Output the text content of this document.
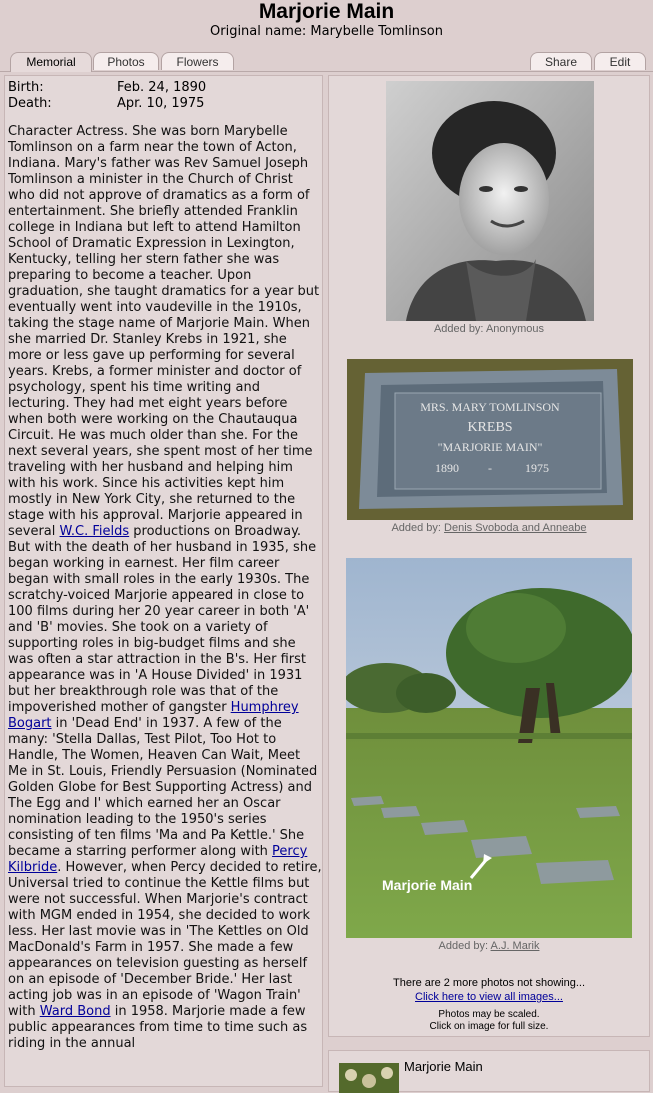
Marjorie Main
Original name: Marybelle Tomlinson
Memorial	Photos	Flowers	Share	Edit
Birth:	Feb. 24, 1890
Death:	Apr. 10, 1975
Character Actress. She was born Marybelle Tomlinson on a farm near the town of Acton, Indiana. Mary's father was Rev Samuel Joseph Tomlinson a minister in the Church of Christ who did not approve of dramatics as a form of entertainment. She briefly attended Franklin college in Indiana but left to attend Hamilton School of Dramatic Expression in Lexington, Kentucky, telling her stern father she was preparing to become a teacher. Upon graduation, she taught dramatics for a year but eventually went into vaudeville in the 1910s, taking the stage name of Marjorie Main. When she married Dr. Stanley Krebs in 1921, she more or less gave up performing for several years. Krebs, a former minister and doctor of psychology, spent his time writing and lecturing. They had met eight years before when both were working on the Chautauqua Circuit. He was much older than she. For the next several years, she spent most of her time traveling with her husband and helping him with his work. Since his activities kept him mostly in New York City, she returned to the stage with his approval. Marjorie appeared in several W.C. Fields productions on Broadway. But with the death of her husband in 1935, she began working in earnest. Her film career began with small roles in the early 1930s. The scratchy-voiced Marjorie appeared in close to 100 films during her 20 year career in both 'A' and 'B' movies. She took on a variety of supporting roles in big-budget films and she was often a star attraction in the B's. Her first appearance was in 'A House Divided' in 1931 but her breakthrough role was that of the impoverished mother of gangster Humphrey Bogart in 'Dead End' in 1937. A few of the many: 'Stella Dallas, Test Pilot, Too Hot to Handle, The Women, Heaven Can Wait, Meet Me in St. Louis, Friendly Persuasion (Nominated Golden Globe for Best Supporting Actress) and The Egg and I' which earned her an Oscar nomination leading to the 1950's series consisting of ten films 'Ma and Pa Kettle.' She became a starring performer along with Percy Kilbride. However, when Percy decided to retire, Universal tried to continue the Kettle films but were not successful. When Marjorie's contract with MGM ended in 1954, she decided to work less. Her last movie was in 'The Kettles on Old MacDonald's Farm in 1957. She made a few appearances on television guesting as herself on an episode of 'December Bride.' Her last acting job was in an episode of 'Wagon Train' with Ward Bond in 1958. Marjorie made a few public appearances from time to time such as riding in the annual
Added by: Anonymous
MRS. MARY TOMLINSON
KREBS
"MARJORIE MAIN"
1890 -	1975
Added by: Denis Svoboda and Anneabe
Marjorie Main
Added by: A.J. Marik
There are 2 more photos not showing...
Click here to view all images...
Photos may be scaled.
Click on image for full size.
Marjorie Main
